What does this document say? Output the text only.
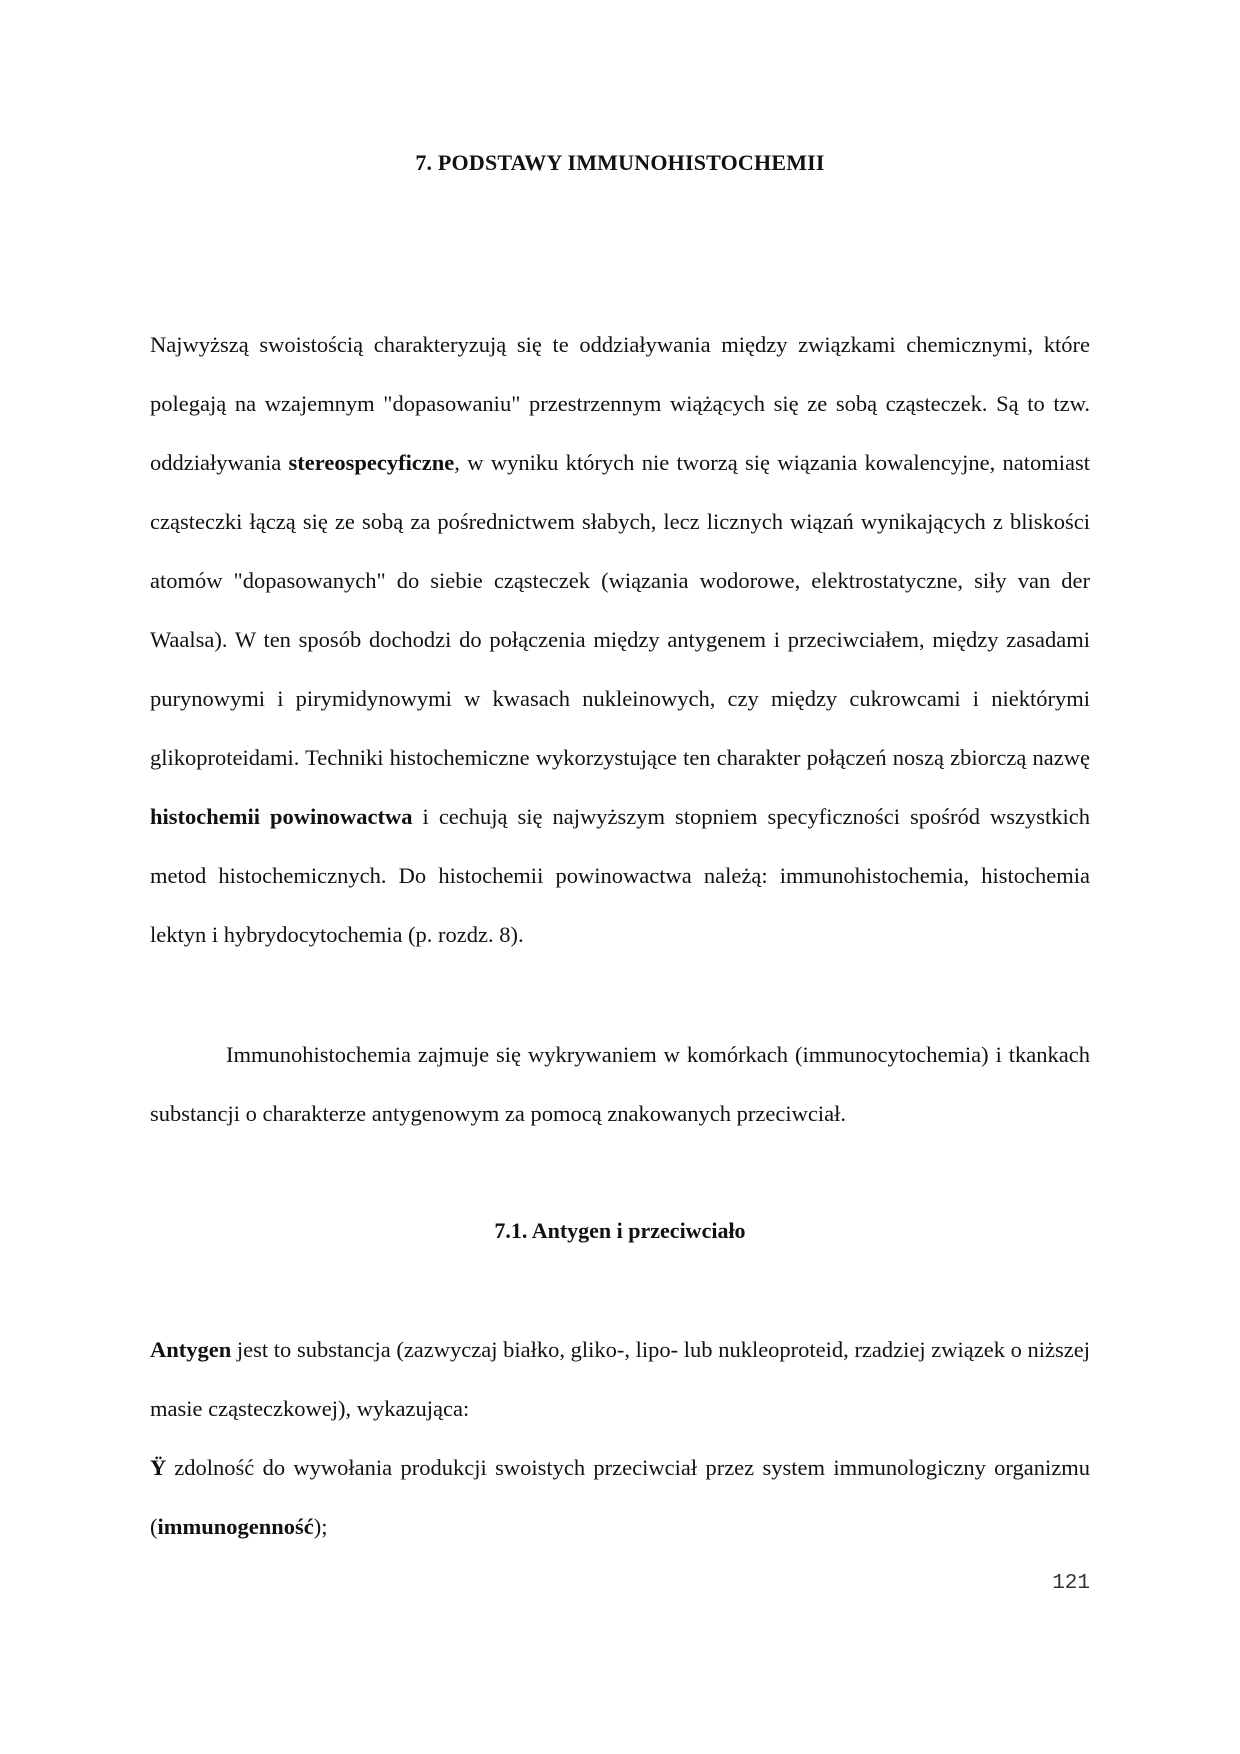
7. PODSTAWY IMMUNOHISTOCHEMII
Najwyższą swoistością charakteryzują się te oddziaływania między związkami chemicznymi, które polegają na wzajemnym "dopasowaniu" przestrzennym wiążących się ze sobą cząsteczek. Są to tzw. oddziaływania stereospecyficzne, w wyniku których nie tworzą się wiązania kowalencyjne, natomiast cząsteczki łączą się ze sobą za pośrednictwem słabych, lecz licznych wiązań wynikających z bliskości atomów "dopasowanych" do siebie cząsteczek (wiązania wodorowe, elektrostatyczne, siły van der Waalsa). W ten sposób dochodzi do połączenia między antygenem i przeciwciałem, między zasadami purynowymi i pirymidynowymi w kwasach nukleinowych, czy między cukrowcami i niektórymi glikoproteidami. Techniki histochemiczne wykorzystujące ten charakter połączeń noszą zbiorczą nazwę histochemii powinowactwa i cechują się najwyższym stopniem specyficzności spośród wszystkich metod histochemicznych. Do histochemii powinowactwa należą: immunohistochemia, histochemia lektyn i hybrydocytochemia (p. rozdz. 8).
Immunohistochemia zajmuje się wykrywaniem w komórkach (immunocytochemia) i tkankach substancji o charakterze antygenowym za pomocą znakowanych przeciwciał.
7.1. Antygen i przeciwciało
Antygen jest to substancja (zazwyczaj białko, gliko-, lipo- lub nukleoproteid, rzadziej związek o niższej masie cząsteczkowej), wykazująca:
Ÿ zdolność do wywołania produkcji swoistych przeciwciał przez system immunologiczny organizmu (immunogenność);
121
